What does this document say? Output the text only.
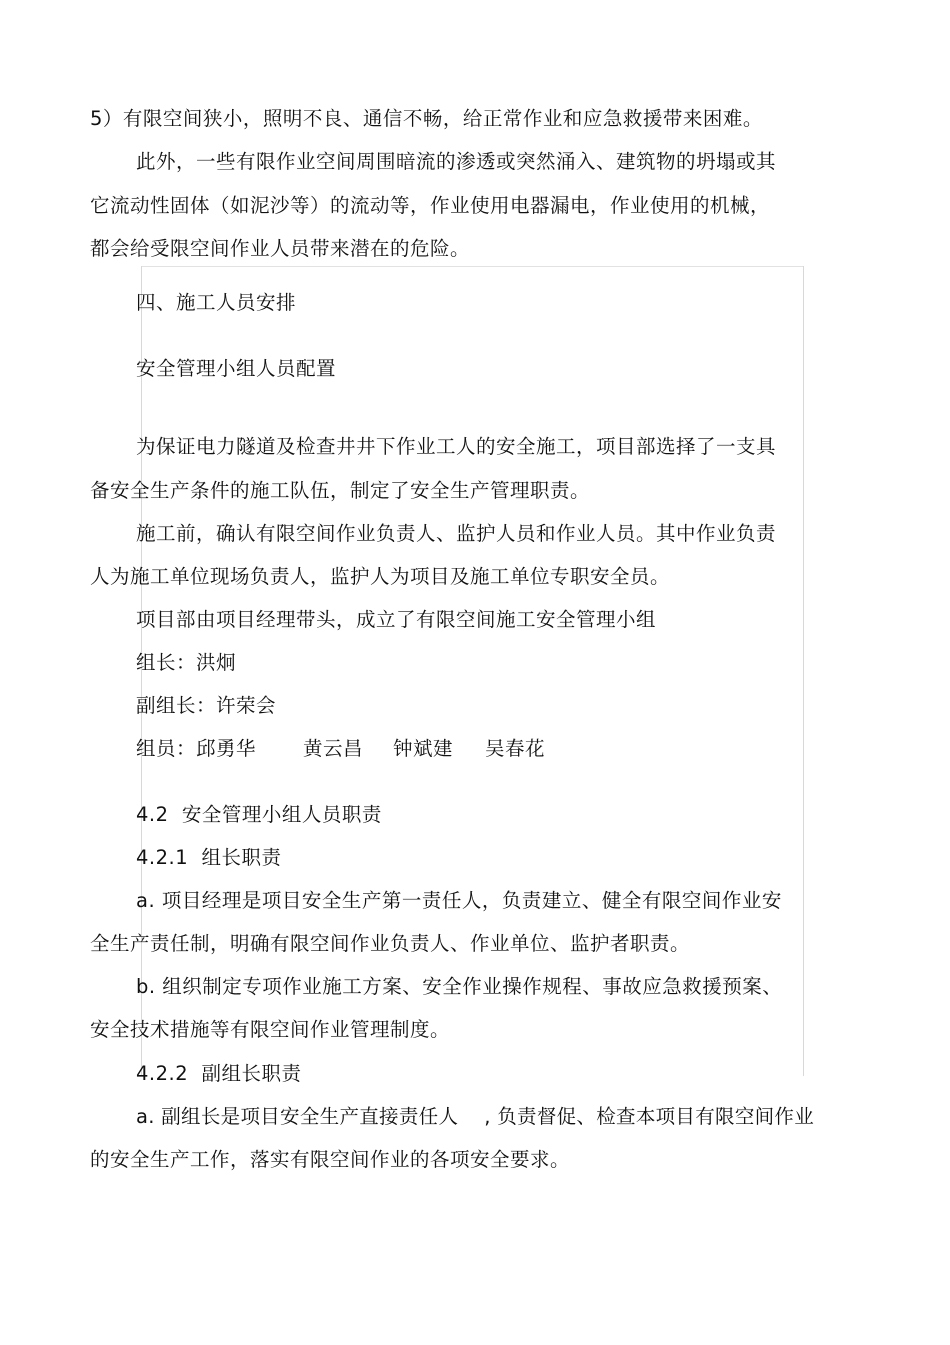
5）有限空间狭小，照明不良、通信不畅，给正常作业和应急救援带来困难。

此外，一些有限作业空间周围暗流的渗透或突然涌入、建筑物的坍塌或其

它流动性固体（如泥沙等）的流动等，作业使用电器漏电，作业使用的机械，

都会给受限空间作业人员带来潜在的危险。

四、施工人员安排

安全管理小组人员配置

为保证电力隧道及检查井井下作业工人的安全施工，项目部选择了一支具

备安全生产条件的施工队伍，制定了安全生产管理职责。

施工前，确认有限空间作业负责人、监护人员和作业人员。其中作业负责

人为施工单位现场负责人，监护人为项目及施工单位专职安全员。

项目部由项目经理带头，成立了有限空间施工安全管理小组

组长：洪炯

副组长：许荣会

组员：邱勇华 黄云昌 钟斌建 吴春花

4.2  安全管理小组人员职责

4.2.1  组长职责

a. 项目经理是项目安全生产第一责任人，负责建立、健全有限空间作业安

全生产责任制，明确有限空间作业负责人、作业单位、监护者职责。

b. 组织制定专项作业施工方案、安全作业操作规程、事故应急救援预案、

安全技术措施等有限空间作业管理制度。

4.2.2  副组长职责

a. 副组长是项目安全生产直接责任人    , 负责督促、检查本项目有限空间作业

的安全生产工作，落实有限空间作业的各项安全要求。
